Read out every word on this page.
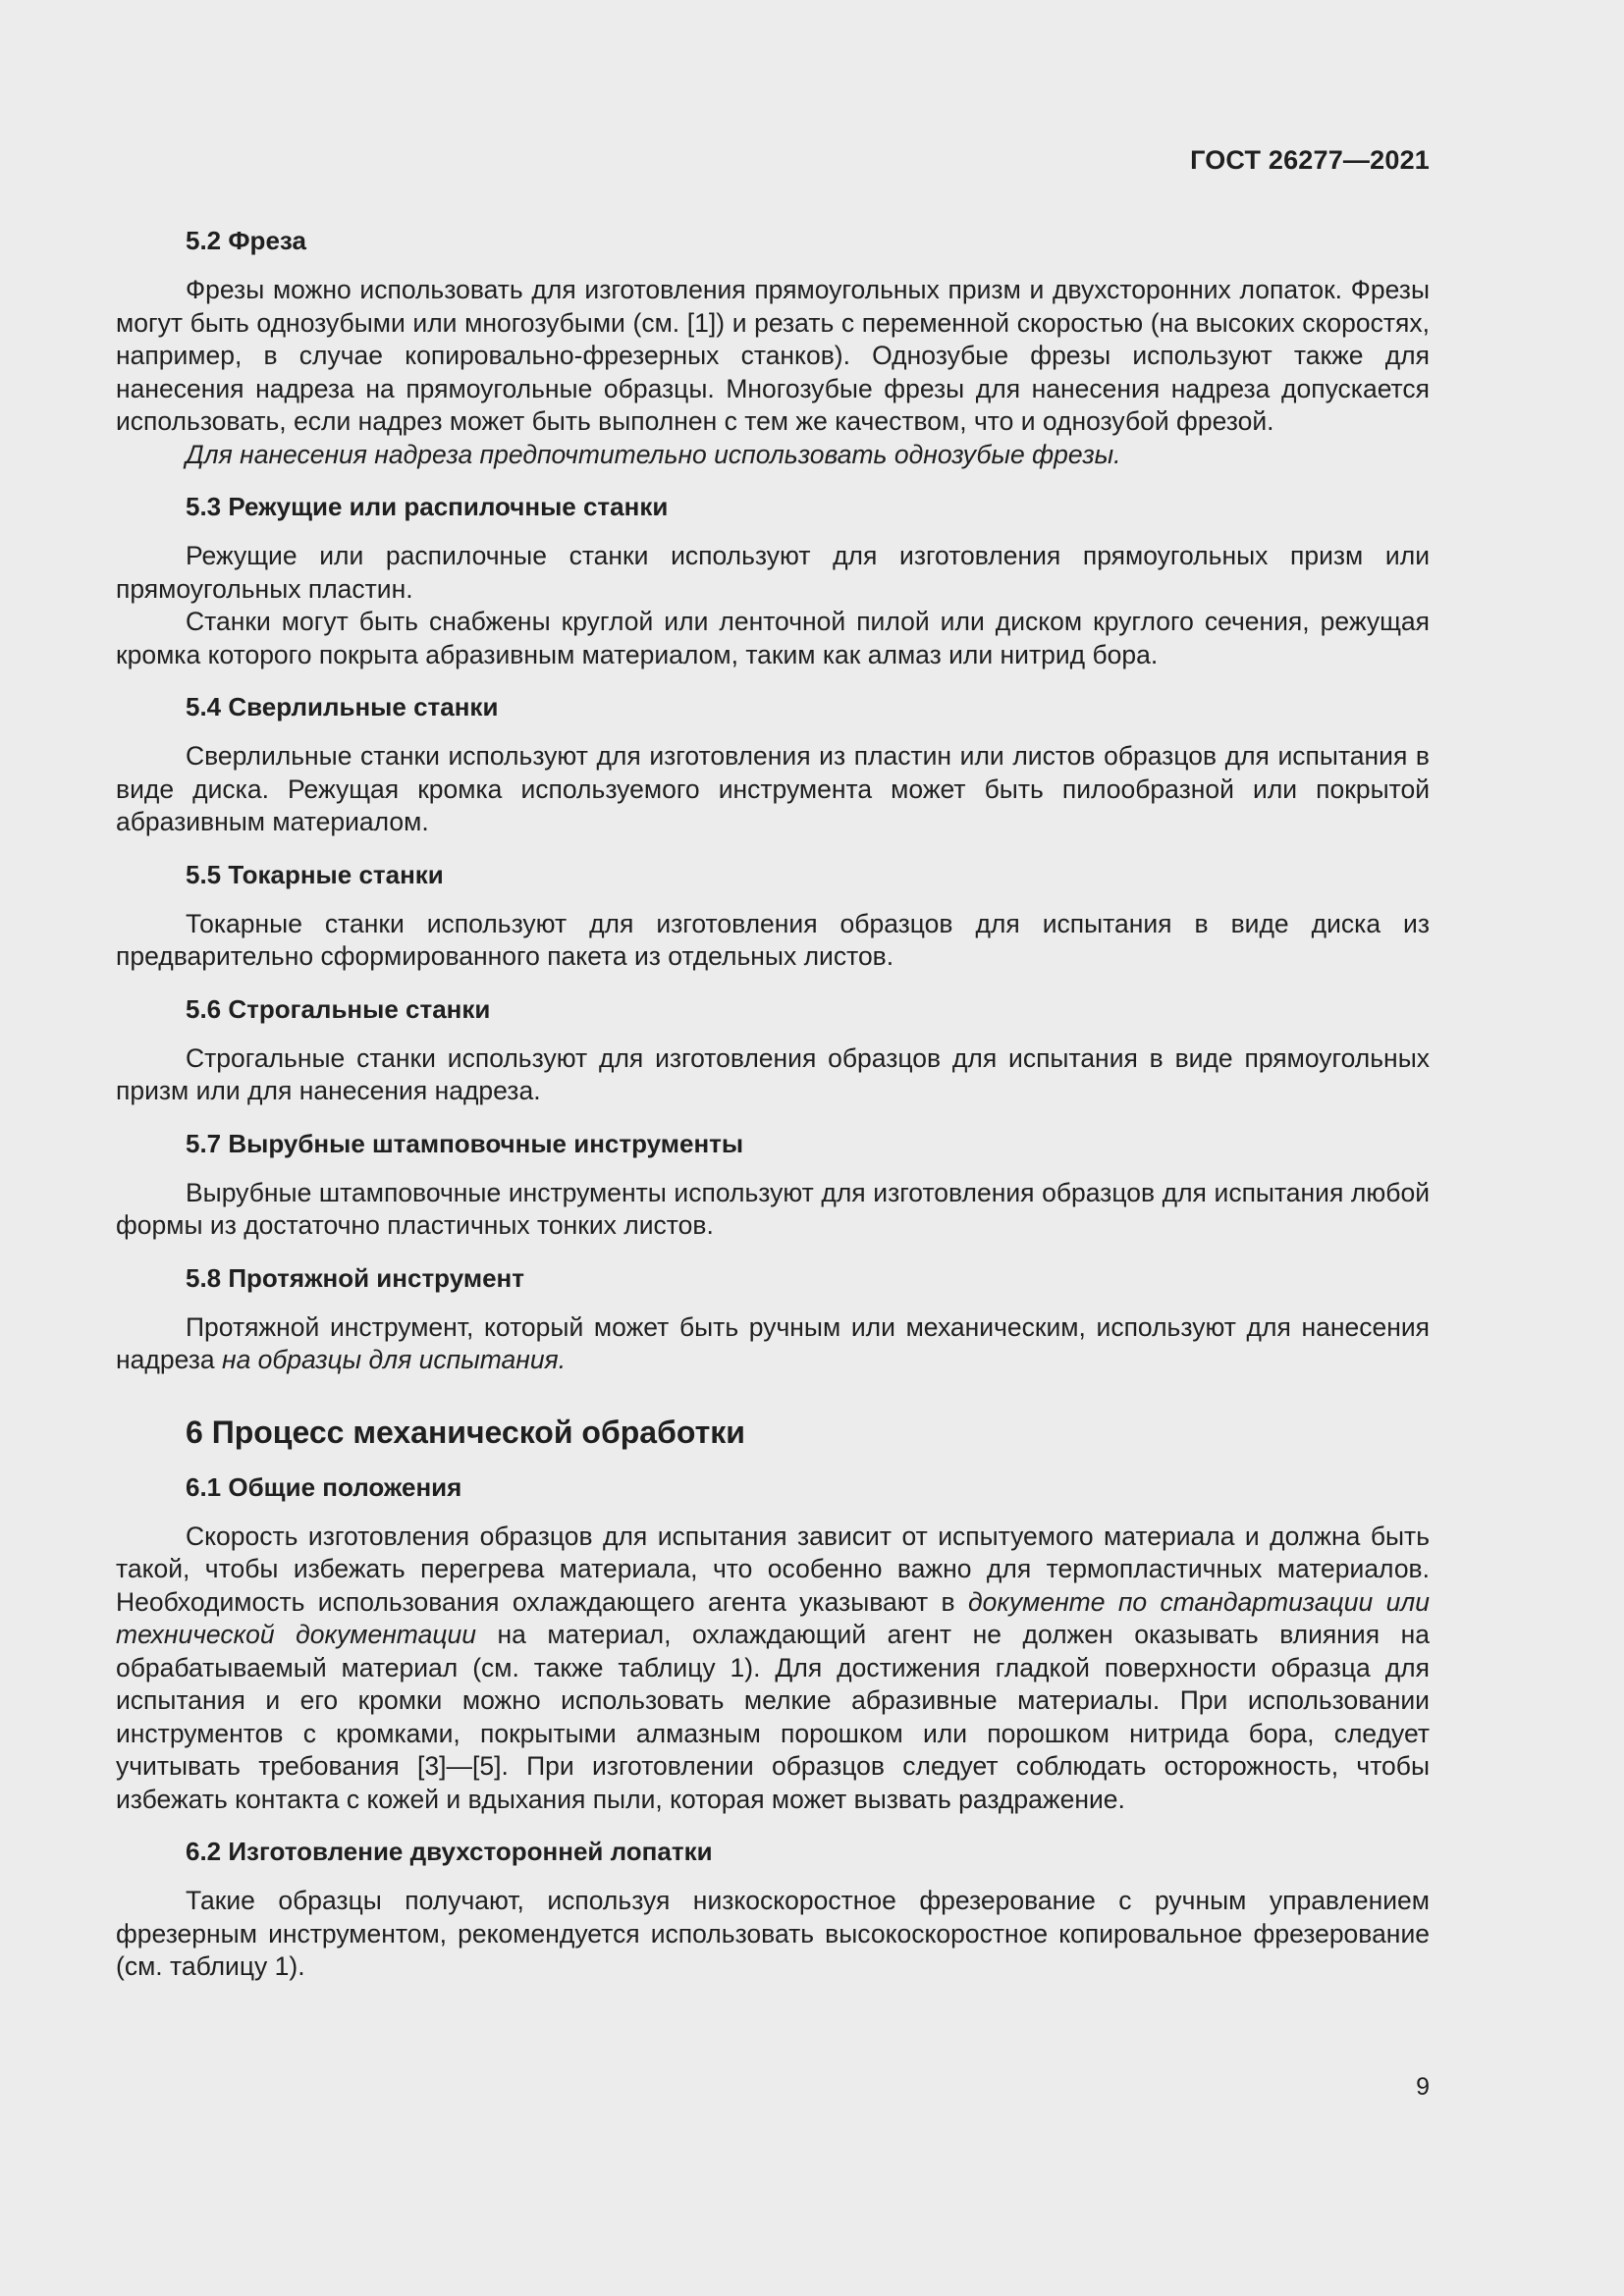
ГОСТ 26277—2021
5.2 Фреза

Фрезы можно использовать для изготовления прямоугольных призм и двухсторонних лопаток. Фрезы могут быть однозубыми или многозубыми (см. [1]) и резать с переменной скоростью (на высоких скоростях, например, в случае копировально-фрезерных станков). Однозубые фрезы используют также для нанесения надреза на прямоугольные образцы. Многозубые фрезы для нанесения надреза допускается использовать, если надрез может быть выполнен с тем же качеством, что и однозубой фрезой.

Для нанесения надреза предпочтительно использовать однозубые фрезы.

5.3 Режущие или распилочные станки

Режущие или распилочные станки используют для изготовления прямоугольных призм или прямоугольных пластин.

Станки могут быть снабжены круглой или ленточной пилой или диском круглого сечения, режущая кромка которого покрыта абразивным материалом, таким как алмаз или нитрид бора.

5.4 Сверлильные станки

Сверлильные станки используют для изготовления из пластин или листов образцов для испытания в виде диска. Режущая кромка используемого инструмента может быть пилообразной или покрытой абразивным материалом.

5.5 Токарные станки

Токарные станки используют для изготовления образцов для испытания в виде диска из предварительно сформированного пакета из отдельных листов.

5.6 Строгальные станки

Строгальные станки используют для изготовления образцов для испытания в виде прямоугольных призм или для нанесения надреза.

5.7 Вырубные штамповочные инструменты

Вырубные штамповочные инструменты используют для изготовления образцов для испытания любой формы из достаточно пластичных тонких листов.

5.8 Протяжной инструмент

Протяжной инструмент, который может быть ручным или механическим, используют для нанесения надреза на образцы для испытания.

6 Процесс механической обработки
6.1 Общие положения

Скорость изготовления образцов для испытания зависит от испытуемого материала и должна быть такой, чтобы избежать перегрева материала, что особенно важно для термопластичных материалов. Необходимость использования охлаждающего агента указывают в документе по стандартизации или технической документации на материал, охлаждающий агент не должен оказывать влияния на обрабатываемый материал (см. также таблицу 1). Для достижения гладкой поверхности образца для испытания и его кромки можно использовать мелкие абразивные материалы. При использовании инструментов с кромками, покрытыми алмазным порошком или порошком нитрида бора, следует учитывать требования [3]—[5]. При изготовлении образцов следует соблюдать осторожность, чтобы избежать контакта с кожей и вдыхания пыли, которая может вызвать раздражение.

6.2 Изготовление двухсторонней лопатки

Такие образцы получают, используя низкоскоростное фрезерование с ручным управлением фрезерным инструментом, рекомендуется использовать высокоскоростное копировальное фрезерование (см. таблицу 1).

9
